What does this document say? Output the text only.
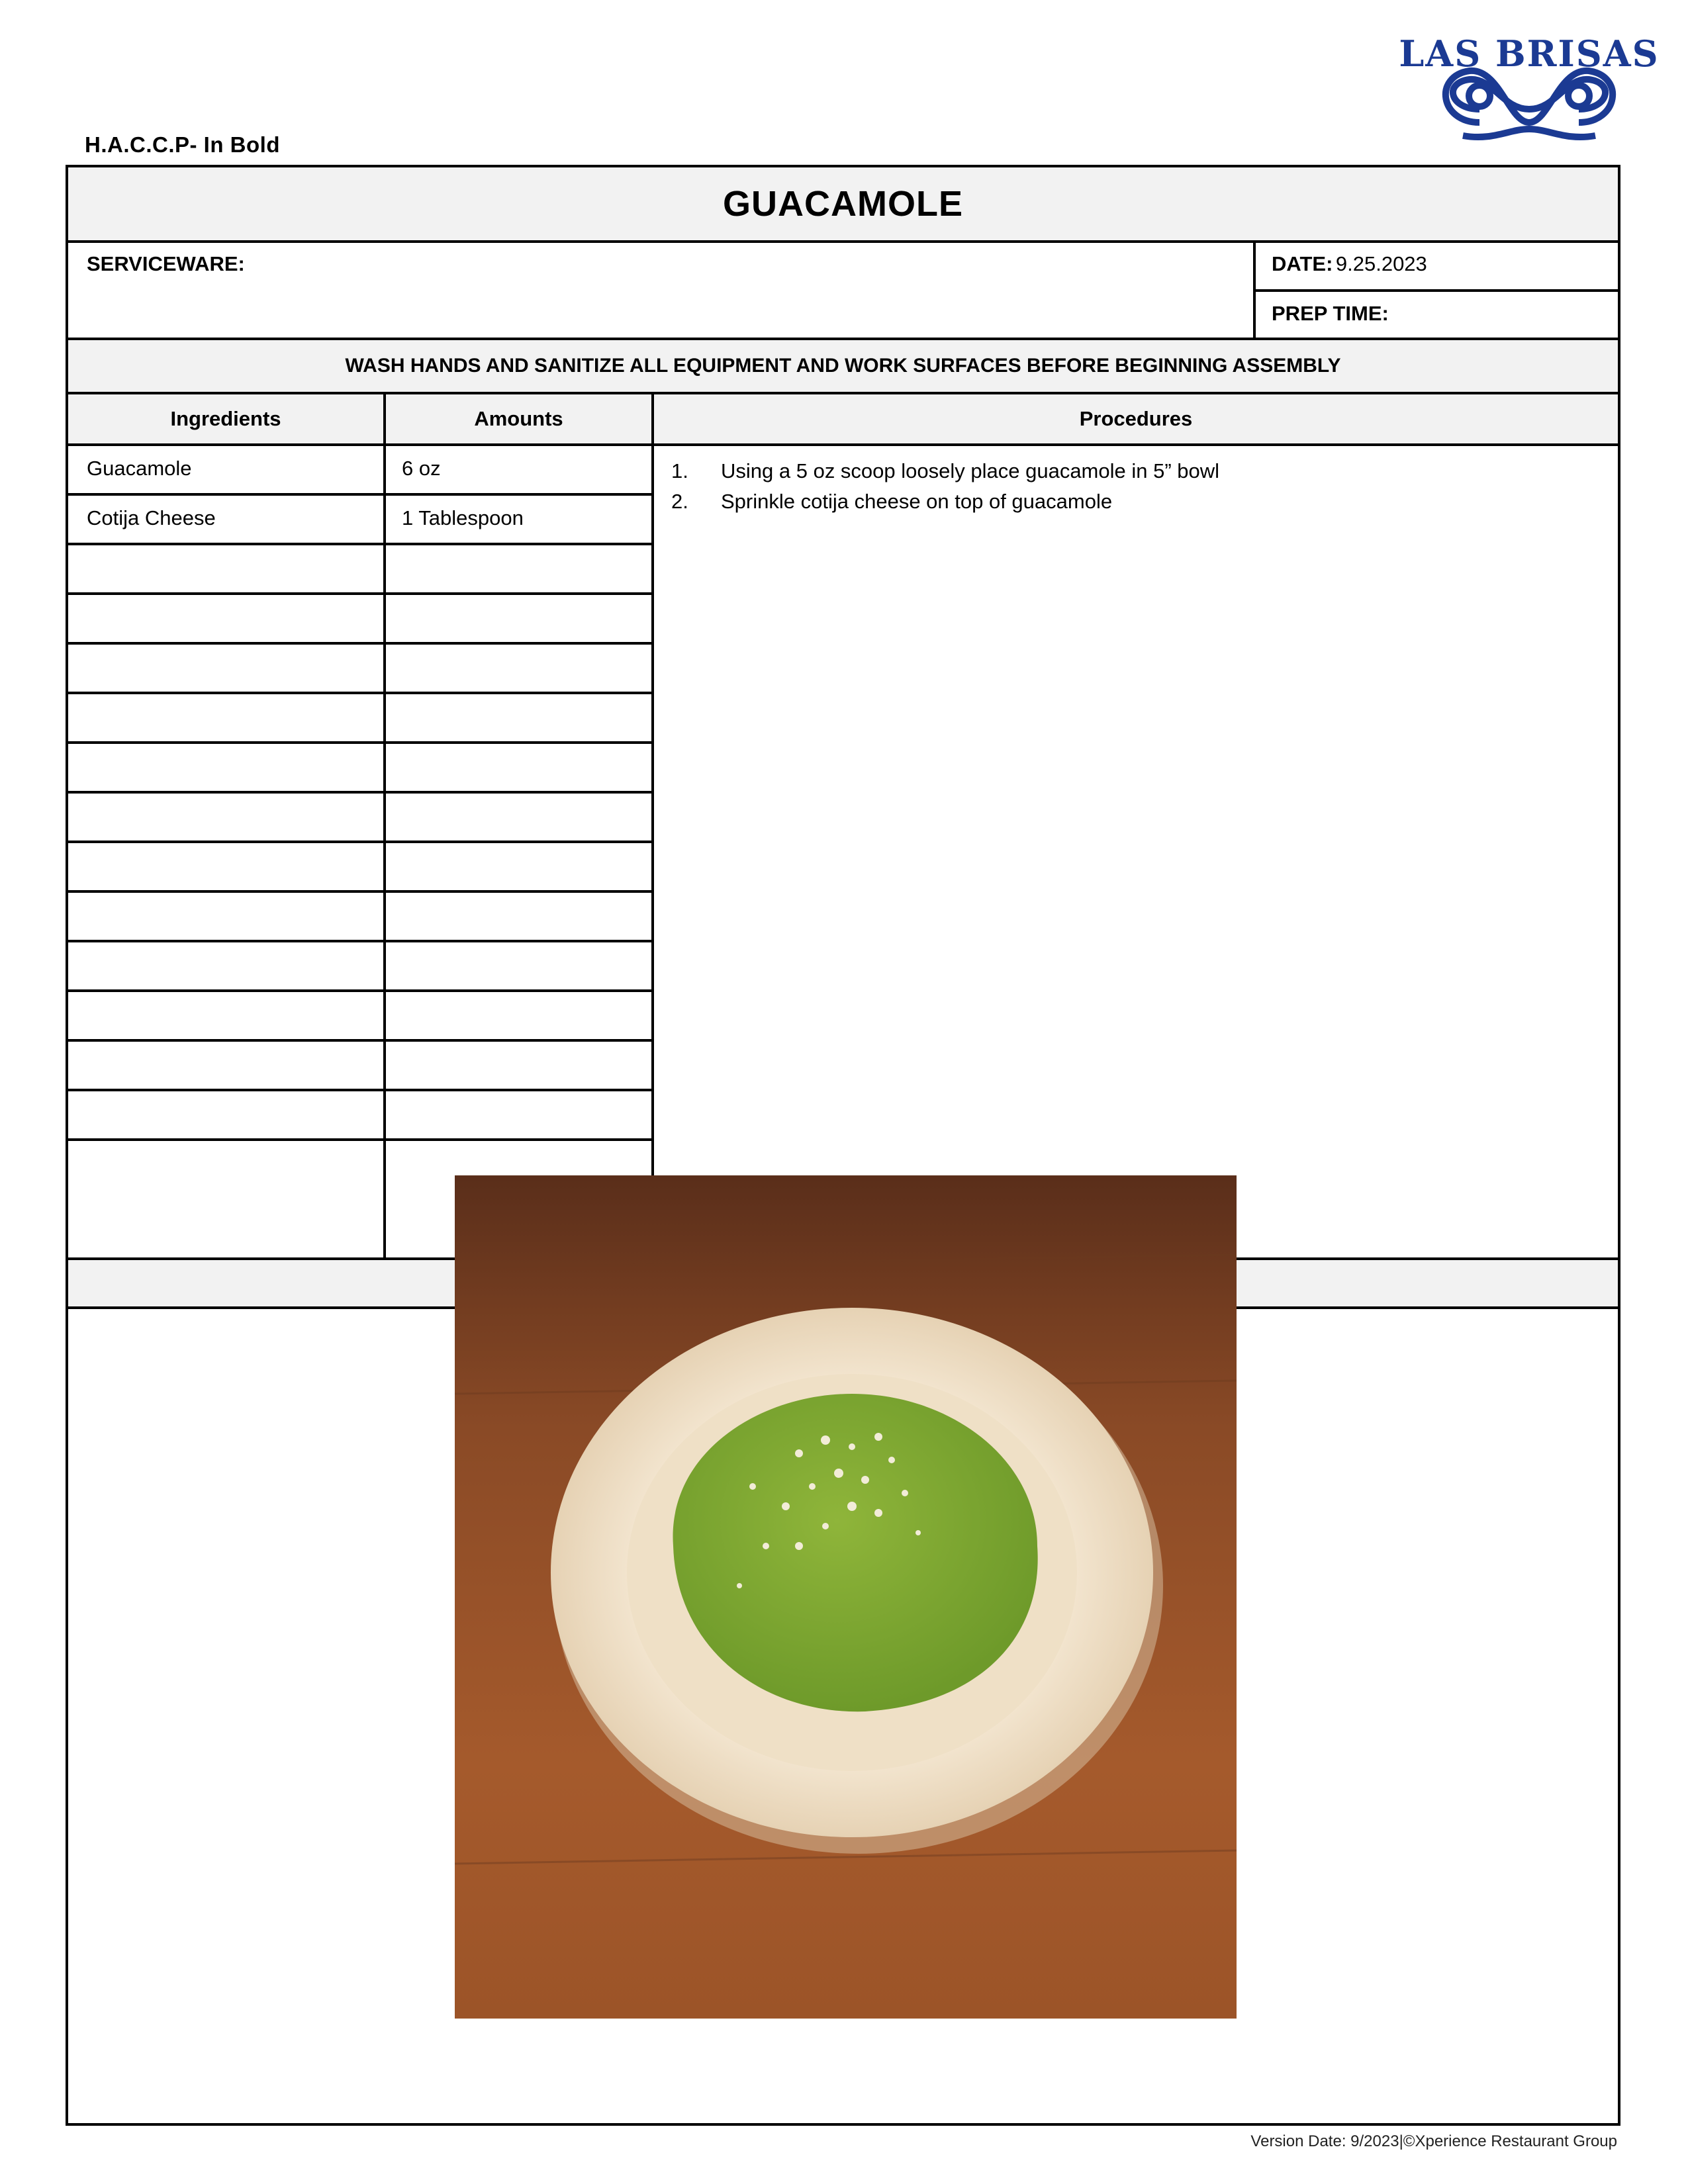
H.A.C.C.P- In Bold
LAS BRISAS
GUACAMOLE
SERVICEWARE:	DATE: 9.25.2023
PREP TIME:
WASH HANDS AND SANITIZE ALL EQUIPMENT AND WORK SURFACES BEFORE BEGINNING ASSEMBLY
Ingredients	Amounts	Procedures
Guacamole	6 oz
Cotija Cheese	1 Tablespoon
1.	Using a 5 oz scoop loosely place guacamole in 5” bowl
2.	Sprinkle cotija cheese on top of guacamole
Version Date: 9/2023|©Xperience Restaurant Group
